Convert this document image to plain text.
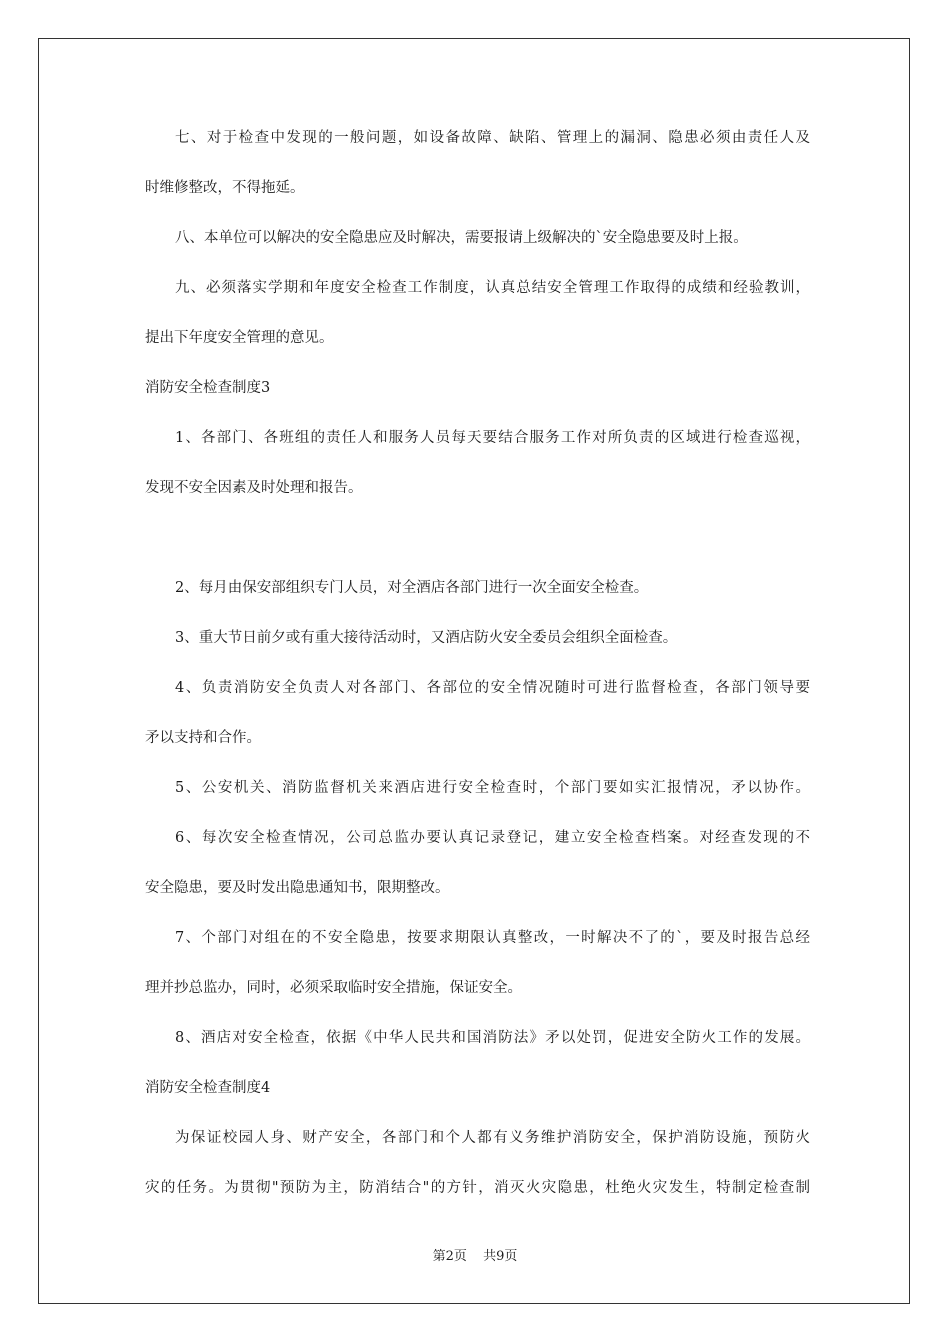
七、对于检查中发现的一般问题，如设备故障、缺陷、管理上的漏洞、隐患必须由责任人及
时维修整改，不得拖延。
八、本单位可以解决的安全隐患应及时解决，需要报请上级解决的`安全隐患要及时上报。
九、必须落实学期和年度安全检查工作制度，认真总结安全管理工作取得的成绩和经验教训，
提出下年度安全管理的意见。
消防安全检查制度3
1、各部门、各班组的责任人和服务人员每天要结合服务工作对所负责的区域进行检查巡视，
发现不安全因素及时处理和报告。
2、每月由保安部组织专门人员，对全酒店各部门进行一次全面安全检查。
3、重大节日前夕或有重大接待活动时，又酒店防火安全委员会组织全面检查。
4、负责消防安全负责人对各部门、各部位的安全情况随时可进行监督检查，各部门领导要
矛以支持和合作。
5、公安机关、消防监督机关来酒店进行安全检查时，个部门要如实汇报情况，矛以协作。
6、每次安全检查情况，公司总监办要认真记录登记，建立安全检查档案。对经查发现的不
安全隐患，要及时发出隐患通知书，限期整改。
7、个部门对组在的不安全隐患，按要求期限认真整改，一时解决不了的`，要及时报告总经
理并抄总监办，同时，必须采取临时安全措施，保证安全。
8、酒店对安全检查，依据《中华人民共和国消防法》矛以处罚，促进安全防火工作的发展。
消防安全检查制度4
为保证校园人身、财产安全，各部门和个人都有义务维护消防安全，保护消防设施，预防火
灾的任务。为贯彻"预防为主，防消结合"的方针，消灭火灾隐患，杜绝火灾发生，特制定检查制
第2页 共9页
